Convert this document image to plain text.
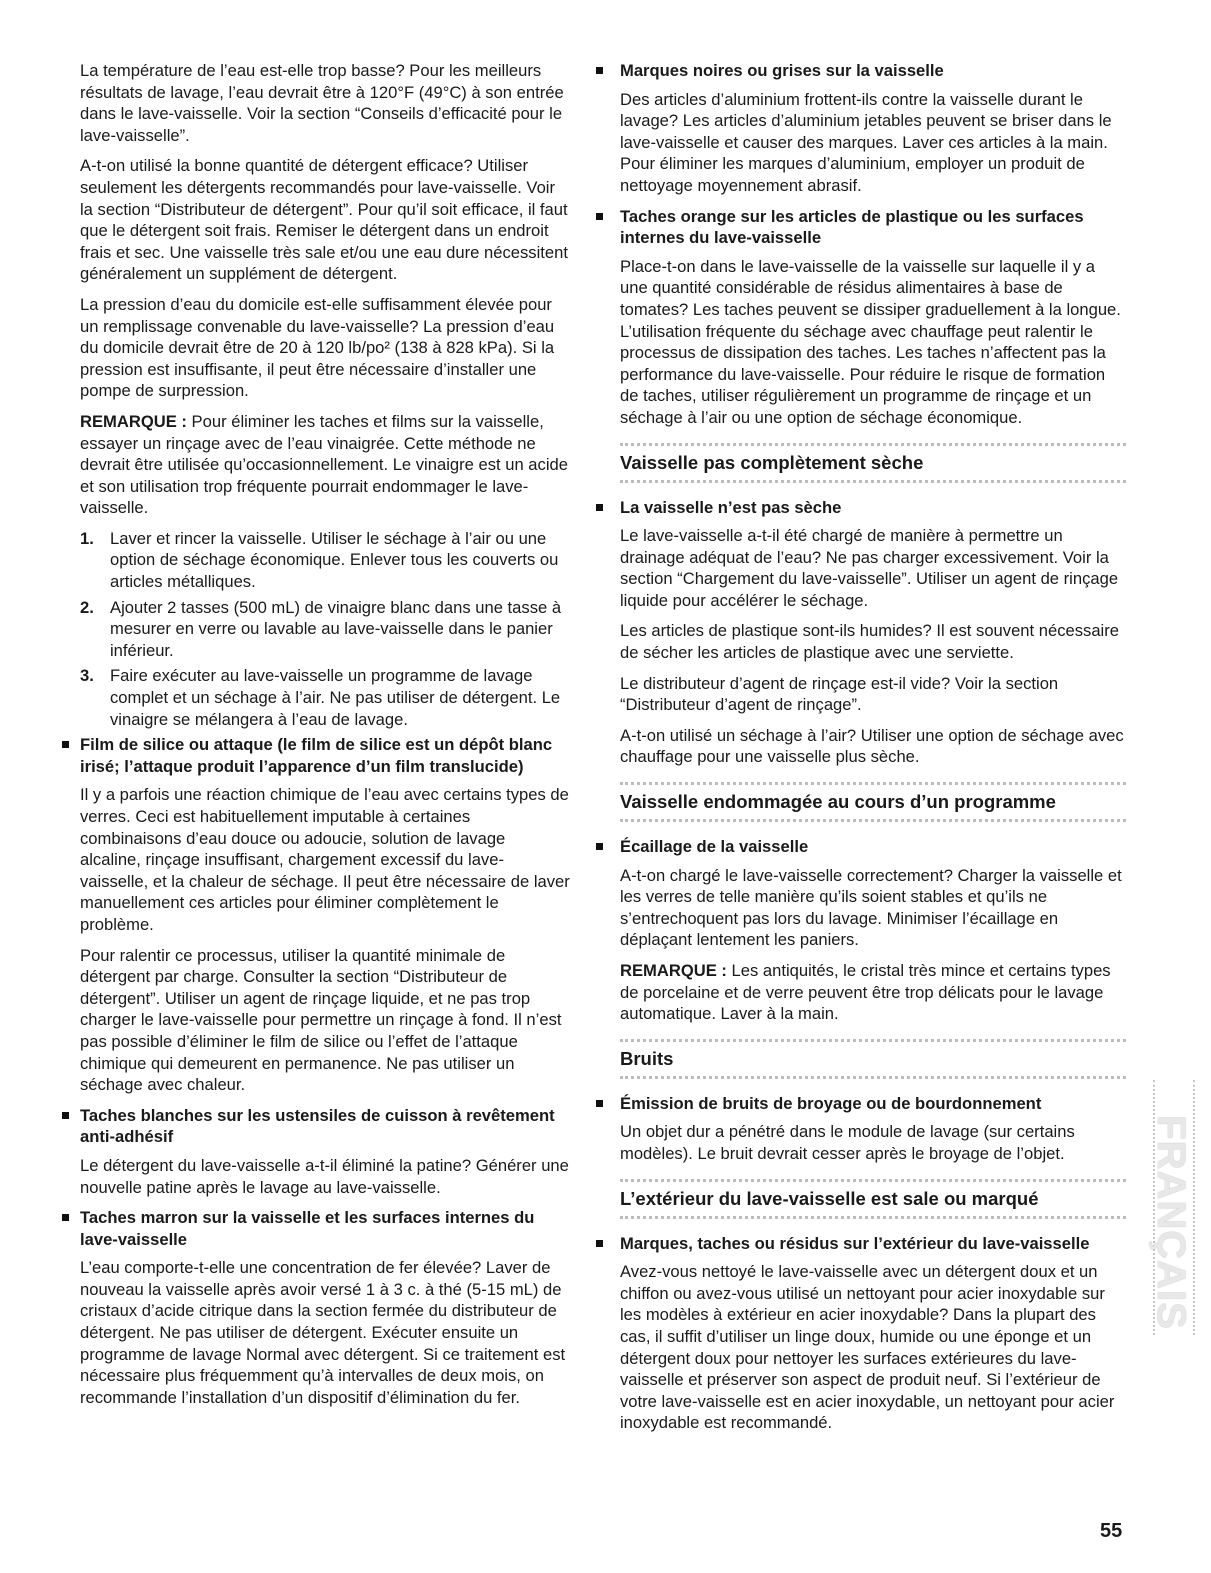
La température de l’eau est-elle trop basse? Pour les meilleurs résultats de lavage, l’eau devrait être à 120°F (49°C) à son entrée dans le lave-vaisselle. Voir la section “Conseils d’efficacité pour le lave-vaisselle”.

A-t-on utilisé la bonne quantité de détergent efficace? Utiliser seulement les détergents recommandés pour lave-vaisselle. Voir la section “Distributeur de détergent”. Pour qu’il soit efficace, il faut que le détergent soit frais. Remiser le détergent dans un endroit frais et sec. Une vaisselle très sale et/ou une eau dure nécessitent généralement un supplément de détergent.

La pression d’eau du domicile est-elle suffisamment élevée pour un remplissage convenable du lave-vaisselle? La pression d’eau du domicile devrait être de 20 à 120 lb/po² (138 à 828 kPa). Si la pression est insuffisante, il peut être nécessaire d’installer une pompe de surpression.

REMARQUE : Pour éliminer les taches et films sur la vaisselle, essayer un rinçage avec de l’eau vinaigrée. Cette méthode ne devrait être utilisée qu’occasionnellement. Le vinaigre est un acide et son utilisation trop fréquente pourrait endommager le lave-vaisselle.

1. Laver et rincer la vaisselle. Utiliser le séchage à l’air ou une option de séchage économique. Enlever tous les couverts ou articles métalliques.
2. Ajouter 2 tasses (500 mL) de vinaigre blanc dans une tasse à mesurer en verre ou lavable au lave-vaisselle dans le panier inférieur.
3. Faire exécuter au lave-vaisselle un programme de lavage complet et un séchage à l’air. Ne pas utiliser de détergent. Le vinaigre se mélangera à l’eau de lavage.
Film de silice ou attaque (le film de silice est un dépôt blanc irisé; l’attaque produit l’apparence d’un film translucide)

Il y a parfois une réaction chimique de l’eau avec certains types de verres. Ceci est habituellement imputable à certaines combinaisons d’eau douce ou adoucie, solution de lavage alcaline, rinçage insuffisant, chargement excessif du lave-vaisselle, et la chaleur de séchage. Il peut être nécessaire de laver manuellement ces articles pour éliminer complètement le problème.

Pour ralentir ce processus, utiliser la quantité minimale de détergent par charge. Consulter la section “Distributeur de détergent”. Utiliser un agent de rinçage liquide, et ne pas trop charger le lave-vaisselle pour permettre un rinçage à fond. Il n’est pas possible d’éliminer le film de silice ou l’effet de l’attaque chimique qui demeurent en permanence. Ne pas utiliser un séchage avec chaleur.

Taches blanches sur les ustensiles de cuisson à revêtement anti-adhésif

Le détergent du lave-vaisselle a-t-il éliminé la patine? Générer une nouvelle patine après le lavage au lave-vaisselle.

Taches marron sur la vaisselle et les surfaces internes du lave-vaisselle

L’eau comporte-t-elle une concentration de fer élevée? Laver de nouveau la vaisselle après avoir versé 1 à 3 c. à thé (5-15 mL) de cristaux d’acide citrique dans la section fermée du distributeur de détergent. Ne pas utiliser de détergent. Exécuter ensuite un programme de lavage Normal avec détergent. Si ce traitement est nécessaire plus fréquemment qu’à intervalles de deux mois, on recommande l’installation d’un dispositif d’élimination du fer.

Marques noires ou grises sur la vaisselle

Des articles d’aluminium frottent-ils contre la vaisselle durant le lavage? Les articles d’aluminium jetables peuvent se briser dans le lave-vaisselle et causer des marques. Laver ces articles à la main. Pour éliminer les marques d’aluminium, employer un produit de nettoyage moyennement abrasif.

Taches orange sur les articles de plastique ou les surfaces internes du lave-vaisselle

Place-t-on dans le lave-vaisselle de la vaisselle sur laquelle il y a une quantité considérable de résidus alimentaires à base de tomates? Les taches peuvent se dissiper graduellement à la longue. L’utilisation fréquente du séchage avec chauffage peut ralentir le processus de dissipation des taches. Les taches n’affectent pas la performance du lave-vaisselle. Pour réduire le risque de formation de taches, utiliser régulièrement un programme de rinçage et un séchage à l’air ou une option de séchage économique.

Vaisselle pas complètement sèche
La vaisselle n’est pas sèche

Le lave-vaisselle a-t-il été chargé de manière à permettre un drainage adéquat de l’eau? Ne pas charger excessivement. Voir la section “Chargement du lave-vaisselle”. Utiliser un agent de rinçage liquide pour accélérer le séchage.

Les articles de plastique sont-ils humides? Il est souvent nécessaire de sécher les articles de plastique avec une serviette.

Le distributeur d’agent de rinçage est-il vide? Voir la section “Distributeur d’agent de rinçage”.

A-t-on utilisé un séchage à l’air? Utiliser une option de séchage avec chauffage pour une vaisselle plus sèche.

Vaisselle endommagée au cours d’un programme
Écaillage de la vaisselle

A-t-on chargé le lave-vaisselle correctement? Charger la vaisselle et les verres de telle manière qu’ils soient stables et qu’ils ne s’entrechoquent pas lors du lavage. Minimiser l’écaillage en déplaçant lentement les paniers.

REMARQUE : Les antiquités, le cristal très mince et certains types de porcelaine et de verre peuvent être trop délicats pour le lavage automatique. Laver à la main.

Bruits
Émission de bruits de broyage ou de bourdonnement

Un objet dur a pénétré dans le module de lavage (sur certains modèles). Le bruit devrait cesser après le broyage de l’objet.

L’extérieur du lave-vaisselle est sale ou marqué
Marques, taches ou résidus sur l’extérieur du lave-vaisselle

Avez-vous nettoyé le lave-vaisselle avec un détergent doux et un chiffon ou avez-vous utilisé un nettoyant pour acier inoxydable sur les modèles à extérieur en acier inoxydable? Dans la plupart des cas, il suffit d’utiliser un linge doux, humide ou une éponge et un détergent doux pour nettoyer les surfaces extérieures du lave-vaisselle et préserver son aspect de produit neuf. Si l’extérieur de votre lave-vaisselle est en acier inoxydable, un nettoyant pour acier inoxydable est recommandé.

FRANÇAIS
55
